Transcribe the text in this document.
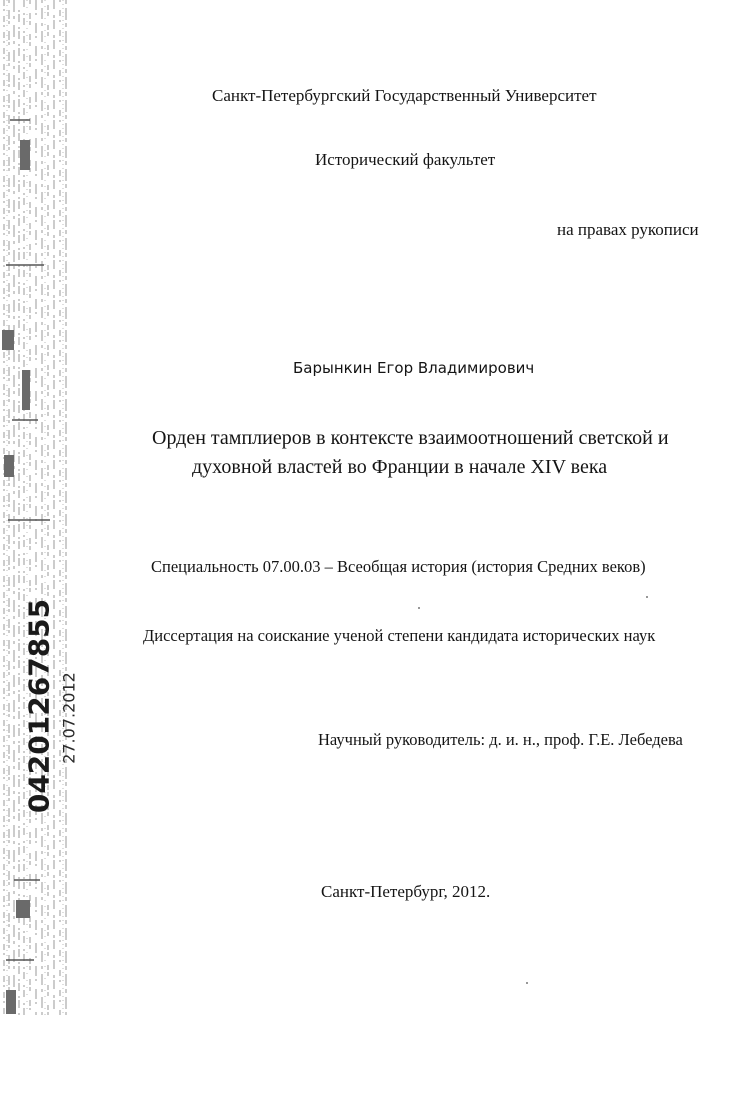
04201267855 27.07.2012
Санкт-Петербургский Государственный Университет
Исторический факультет
на правах рукописи
Барынкин Егор Владимирович
Орден тамплиеров в контексте взаимоотношений светской и
духовной властей во Франции в начале XIV века
Специальность 07.00.03 – Всеобщая история (история Средних веков)
Диссертация на соискание ученой степени кандидата исторических наук
Научный руководитель: д. и. н., проф. Г.Е. Лебедева
Санкт-Петербург, 2012.
